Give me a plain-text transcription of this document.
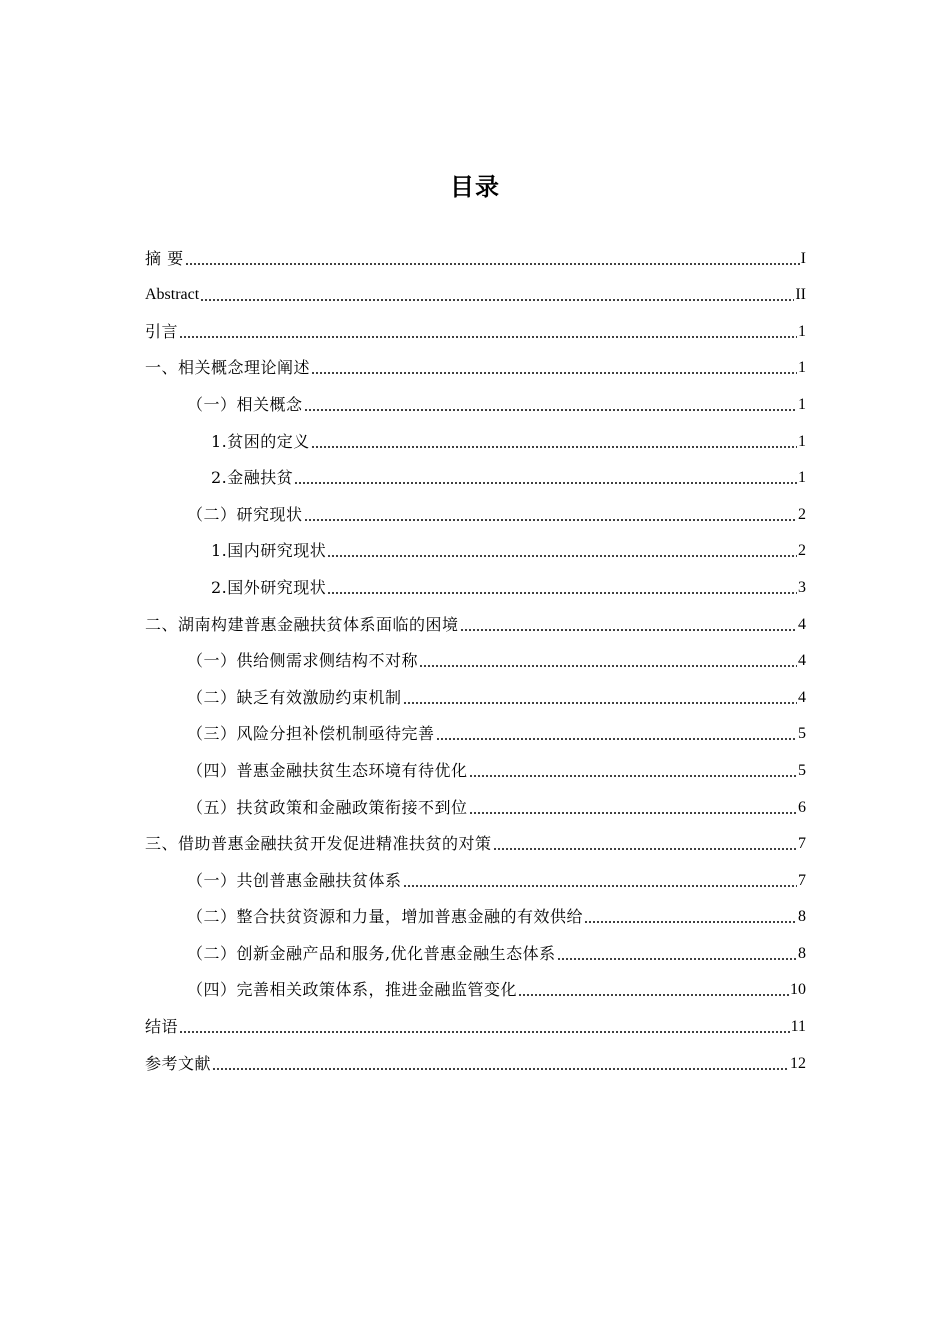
目录
摘 要	I
Abstract	II
引言	1
一、相关概念理论阐述	1
（一）相关概念	1
1.贫困的定义	1
2.金融扶贫	1
（二）研究现状	2
1.国内研究现状	2
2.国外研究现状	3
二、湖南构建普惠金融扶贫体系面临的困境	4
（一）供给侧需求侧结构不对称	4
（二）缺乏有效激励约束机制	4
（三）风险分担补偿机制亟待完善	5
（四）普惠金融扶贫生态环境有待优化	5
（五）扶贫政策和金融政策衔接不到位	6
三、借助普惠金融扶贫开发促进精准扶贫的对策	7
（一）共创普惠金融扶贫体系	7
（二）整合扶贫资源和力量，增加普惠金融的有效供给	8
（二）创新金融产品和服务,优化普惠金融生态体系	8
（四）完善相关政策体系，推进金融监管变化	10
结语	11
参考文献	12
